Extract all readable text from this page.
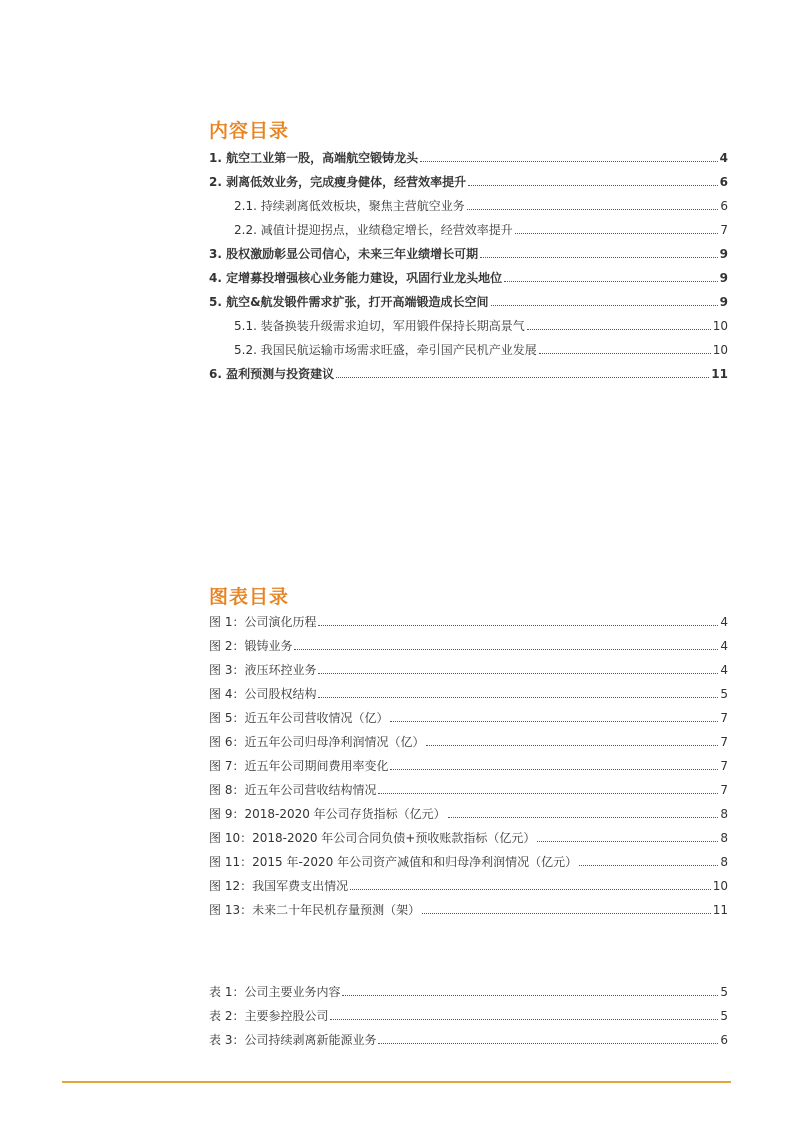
内容目录
1. 航空工业第一股，高端航空锻铸龙头	4
2. 剥离低效业务，完成瘦身健体，经营效率提升	6
2.1. 持续剥离低效板块，聚焦主营航空业务	6
2.2. 减值计提迎拐点，业绩稳定增长，经营效率提升	7
3. 股权激励彰显公司信心，未来三年业绩增长可期	9
4. 定增募投增强核心业务能力建设，巩固行业龙头地位	9
5. 航空&航发锻件需求扩张，打开高端锻造成长空间	9
5.1. 装备换装升级需求迫切，军用锻件保持长期高景气	10
5.2. 我国民航运输市场需求旺盛，牵引国产民机产业发展	10
6. 盈利预测与投资建议	11
图表目录
图 1：公司演化历程	4
图 2：锻铸业务	4
图 3：液压环控业务	4
图 4：公司股权结构	5
图 5：近五年公司营收情况（亿）	7
图 6：近五年公司归母净利润情况（亿）	7
图 7：近五年公司期间费用率变化	7
图 8：近五年公司营收结构情况	7
图 9：2018-2020 年公司存货指标（亿元）	8
图 10：2018-2020 年公司合同负债+预收账款指标（亿元）	8
图 11：2015 年-2020 年公司资产减值和和归母净利润情况（亿元）	8
图 12：我国军费支出情况	10
图 13：未来二十年民机存量预测（架）	11
表 1：公司主要业务内容	5
表 2：主要参控股公司	5
表 3：公司持续剥离新能源业务	6
